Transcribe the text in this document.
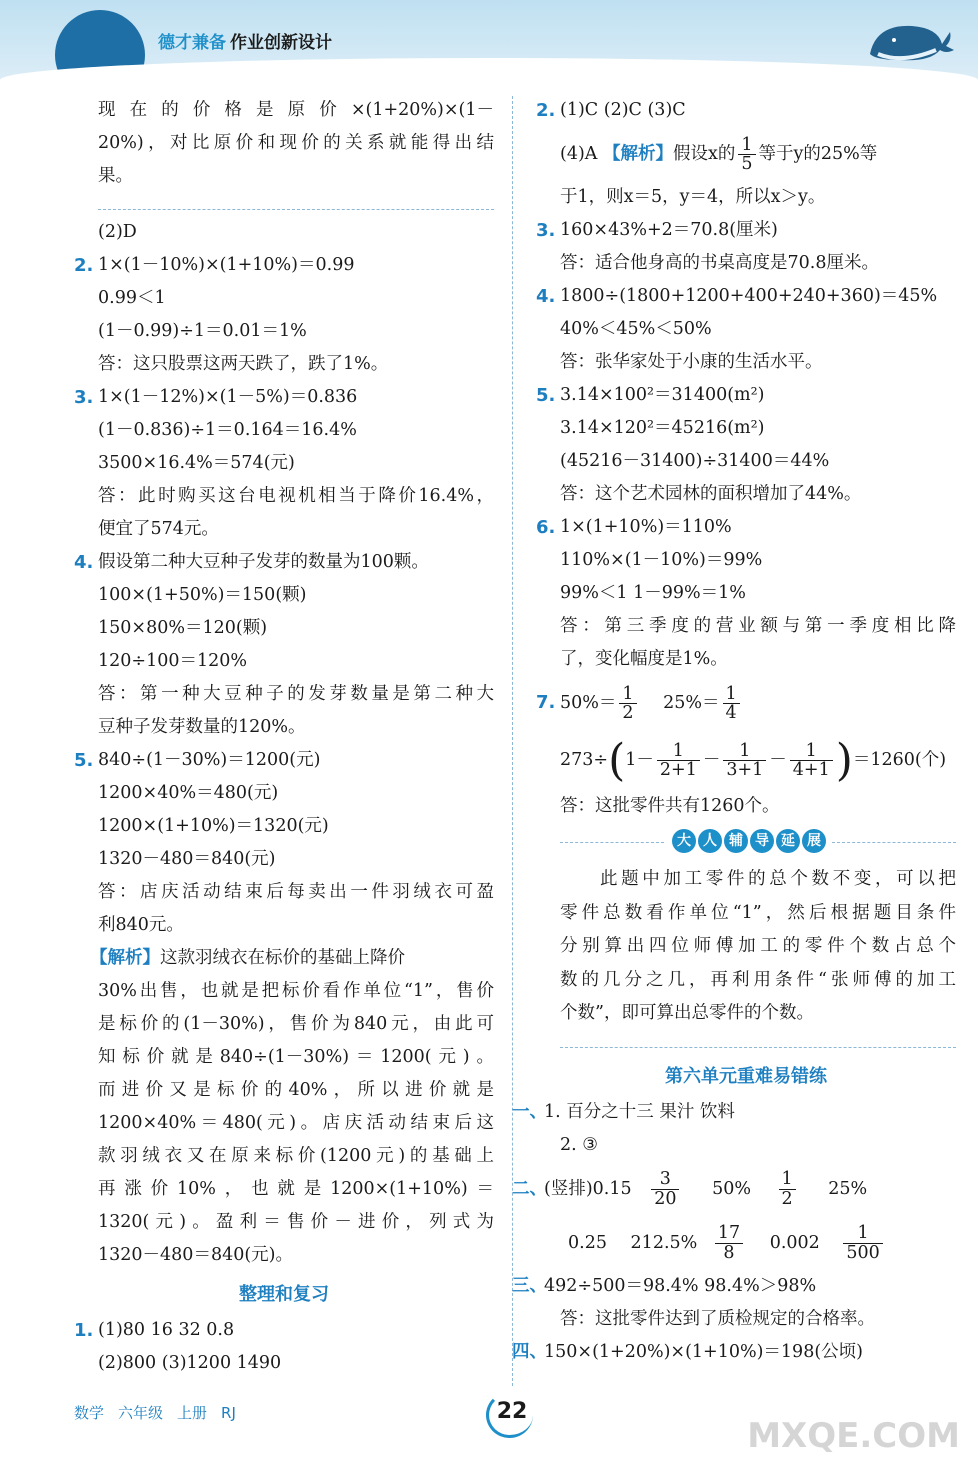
德才兼备 作业创新设计
现在的价格是原价×(1+20%)×(1－
20%)，对比原价和现价的关系就能得出结
果。
(2)D
2. 1×(1－10%)×(1+10%)＝0.99
0.99＜1
(1－0.99)÷1＝0.01＝1%
答：这只股票这两天跌了，跌了1%。
3. 1×(1－12%)×(1－5%)＝0.836
(1－0.836)÷1＝0.164＝16.4%
3500×16.4%＝574(元)
答：此时购买这台电视机相当于降价16.4%，
便宜了574元。
4. 假设第二种大豆种子发芽的数量为100颗。
100×(1+50%)＝150(颗)
150×80%＝120(颗)
120÷100＝120%
答：第一种大豆种子的发芽数量是第二种大
豆种子发芽数量的120%。
5. 840÷(1－30%)＝1200(元)
1200×40%＝480(元)
1200×(1+10%)＝1320(元)
1320－480＝840(元)
答：店庆活动结束后每卖出一件羽绒衣可盈
利840元。
【解析】这款羽绒衣在标价的基础上降价
30%出售，也就是把标价看作单位“1”，售价
是标价的(1－30%)，售价为840元，由此可
知标价就是840÷(1－30%)＝1200(元)。
而进价又是标价的40%，所以进价就是
1200×40%＝480(元)。店庆活动结束后这
款羽绒衣又在原来标价(1200元)的基础上
再涨价10%，也就是1200×(1+10%)＝
1320(元)。盈利＝售价－进价，列式为
1320－480＝840(元)。
整理和复习
1. (1)80 16 32 0.8
(2)800 (3)1200 1490
2. (1)C (2)C (3)C
(4)A 【解析】假设x的 $\frac{1}{5}$ 等于y的25%等
于1，则x＝5，y＝4，所以x＞y。
3. 160×43%+2＝70.8(厘米)
答：适合他身高的书桌高度是70.8厘米。
4. 1800÷(1800+1200+400+240+360)＝45%
40%＜45%＜50%
答：张华家处于小康的生活水平。
5. 3.14×100²＝31400(m²)
3.14×120²＝45216(m²)
(45216－31400)÷31400＝44%
答：这个艺术园林的面积增加了44%。
6. 1×(1+10%)＝110%
110%×(1－10%)＝99%
99%＜1 1－99%＝1%
答：第三季度的营业额与第一季度相比降
了，变化幅度是1%。
7. $50\%= \frac{1}{2} 25\%= \frac{1}{4}$
$273\div(1- \frac{1}{2+1} - \frac{1}{3+1} - \frac{1}{4+1} )=1260$(个)
答：这批零件共有1260个。
大 人 辅 导 延 展
此题中加工零件的总个数不变，可以把
零件总数看作单位“1”，然后根据题目条件
分别算出四位师傅加工的零件个数占总个
数的几分之几，再利用条件“张师傅的加工
个数”，即可算出总零件的个数。
第六单元重难易错练
一、
1. 百分之十三 果汁 饮料
2. ③
二、
(竖排)$0.15 \frac{3}{20} 50\% \frac{1}{2} 25\%$
0.25 $212.5\% \frac{17}{8} 0.002 \frac{1}{500}$
三、
492÷500＝98.4% 98.4%＞98%
答：这批零件达到了质检规定的合格率。
四、
150×(1+20%)×(1+10%)＝198(公顷)
数学 六年级 上册 RJ	22
MXQE.COM
